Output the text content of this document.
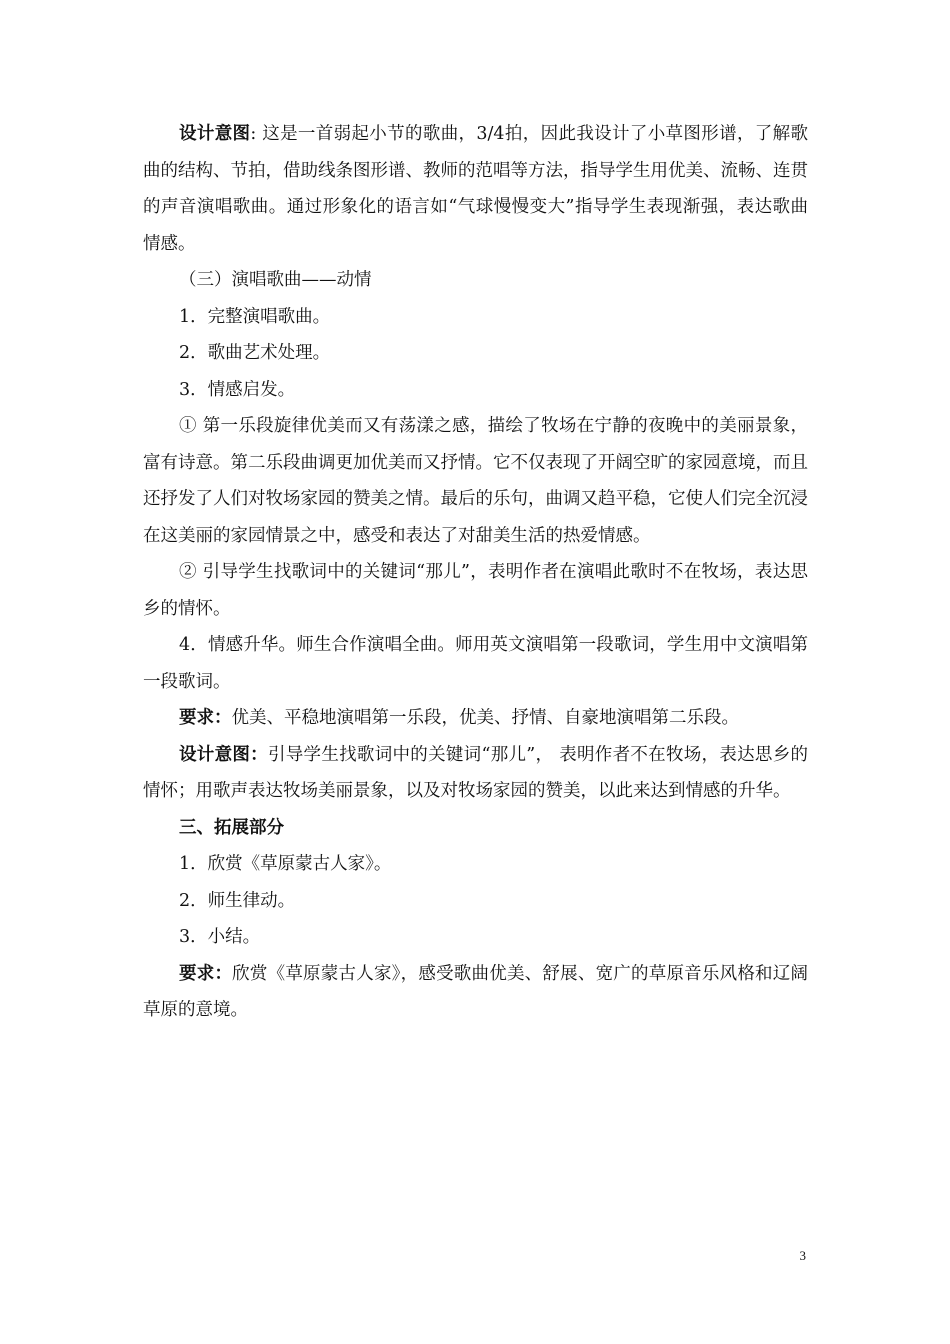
设计意图: 这是一首弱起小节的歌曲，3/4拍，因此我设计了小草图形谱，了解歌曲的结构、节拍，借助线条图形谱、教师的范唱等方法，指导学生用优美、流畅、连贯的声音演唱歌曲。通过形象化的语言如“气球慢慢变大”指导学生表现渐强，表达歌曲情感。

（三）演唱歌曲——动情

1．完整演唱歌曲。

2．歌曲艺术处理。

3．情感启发。

① 第一乐段旋律优美而又有荡漾之感，描绘了牧场在宁静的夜晚中的美丽景象，富有诗意。第二乐段曲调更加优美而又抒情。它不仅表现了开阔空旷的家园意境，而且还抒发了人们对牧场家园的赞美之情。最后的乐句，曲调又趋平稳，它使人们完全沉浸在这美丽的家园情景之中，感受和表达了对甜美生活的热爱情感。

② 引导学生找歌词中的关键词“那儿”，表明作者在演唱此歌时不在牧场，表达思乡的情怀。

4．情感升华。师生合作演唱全曲。师用英文演唱第一段歌词，学生用中文演唱第一段歌词。

要求：优美、平稳地演唱第一乐段，优美、抒情、自豪地演唱第二乐段。

设计意图：引导学生找歌词中的关键词“那儿”， 表明作者不在牧场，表达思乡的情怀；用歌声表达牧场美丽景象，以及对牧场家园的赞美，以此来达到情感的升华。

三、拓展部分

1．欣赏《草原蒙古人家》。

2．师生律动。

3．小结。

要求：欣赏《草原蒙古人家》，感受歌曲优美、舒展、宽广的草原音乐风格和辽阔草原的意境。

3
